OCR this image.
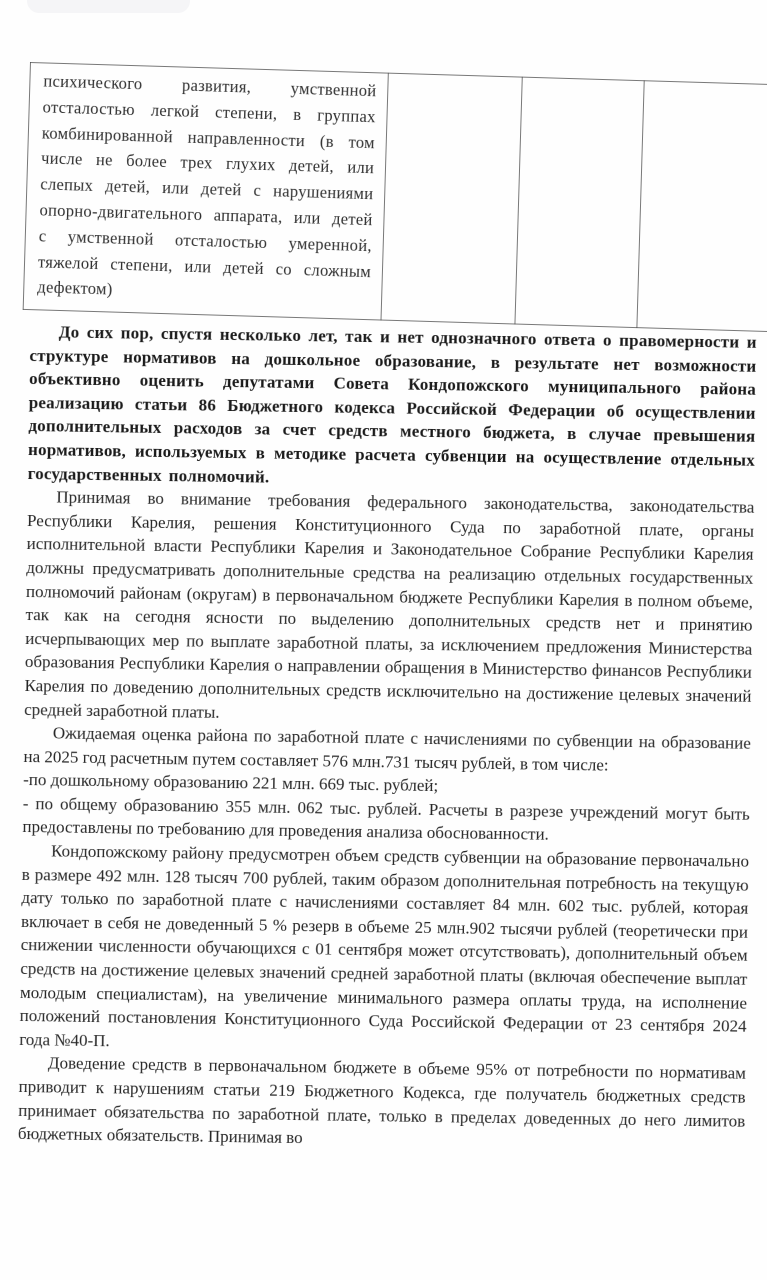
психического развития, умственной отсталостью легкой степени, в группах комбинированной направленности (в том числе не более трех глухих детей, или слепых детей, или детей с нарушениями опорно-двигательного аппарата, или детей с умственной отсталостью умеренной, тяжелой степени, или детей со сложным дефектом)

До сих пор, спустя несколько лет, так и нет однозначного ответа о правомерности и структуре нормативов на дошкольное образование, в результате нет возможности объективно оценить депутатами Совета Кондопожского муниципального района реализацию статьи 86 Бюджетного кодекса Российской Федерации об осуществлении дополнительных расходов за счет средств местного бюджета, в случае превышения нормативов, используемых в методике расчета субвенции на осуществление отдельных государственных полномочий.

Принимая во внимание требования федерального законодательства, законодательства Республики Карелия, решения Конституционного Суда по заработной плате, органы исполнительной власти Республики Карелия и Законодательное Собрание Республики Карелия должны предусматривать дополнительные средства на реализацию отдельных государственных полномочий районам (округам) в первоначальном бюджете Республики Карелия в полном объеме, так как на сегодня ясности по выделению дополнительных средств нет и принятию исчерпывающих мер по выплате заработной платы, за исключением предложения Министерства образования Республики Карелия о направлении обращения в Министерство финансов Республики Карелия по доведению дополнительных средств исключительно на достижение целевых значений средней заработной платы.

Ожидаемая оценка района по заработной плате с начислениями по субвенции на образование на 2025 год расчетным путем составляет 576 млн.731 тысяч рублей, в том числе:

-по дошкольному образованию 221 млн. 669 тыс. рублей;

- по общему образованию 355 млн. 062 тыс. рублей. Расчеты в разрезе учреждений могут быть предоставлены по требованию для проведения анализа обоснованности.

Кондопожскому району предусмотрен объем средств субвенции на образование первоначально в размере 492 млн. 128 тысяч 700 рублей, таким образом дополнительная потребность на текущую дату только по заработной плате с начислениями составляет 84 млн. 602 тыс. рублей, которая включает в себя не доведенный 5 % резерв в объеме 25 млн.902 тысячи рублей (теоретически при снижении численности обучающихся с 01 сентября может отсутствовать), дополнительный объем средств на достижение целевых значений средней заработной платы (включая обеспечение выплат молодым специалистам), на увеличение минимального размера оплаты труда, на исполнение положений постановления Конституционного Суда Российской Федерации от 23 сентября 2024 года №40-П.

Доведение средств в первоначальном бюджете в объеме 95% от потребности по нормативам приводит к нарушениям статьи 219 Бюджетного Кодекса, где получатель бюджетных средств принимает обязательства по заработной плате, только в пределах доведенных до него лимитов бюджетных обязательств. Принимая во
